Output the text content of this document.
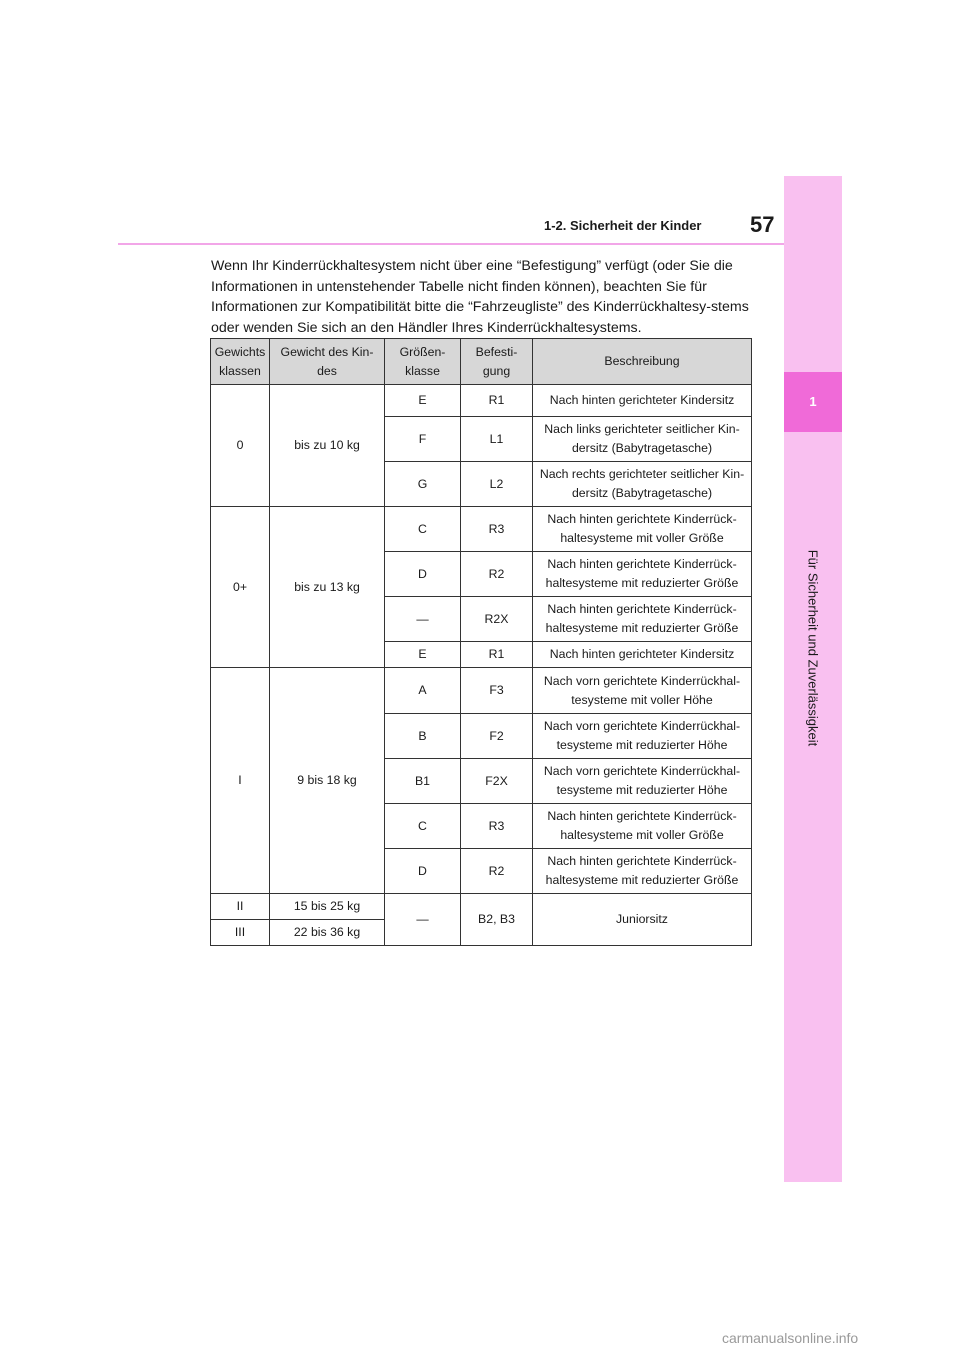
1
Für Sicherheit und Zuverlässigkeit
1-2. Sicherheit der Kinder 57

Wenn Ihr Kinderrückhaltesystem nicht über eine “Befestigung” verfügt (oder Sie die Informationen in untenstehender Tabelle nicht finden können), beachten Sie für Informationen zur Kompatibilität bitte die “Fahrzeugliste” des Kinderrückhaltesy-stems oder wenden Sie sich an den Händler Ihres Kinderrückhaltesystems.

Gewichts klassen	Gewicht des Kin-des	Größen-klasse	Befesti-gung	Beschreibung
0	bis zu 10 kg	E	R1	Nach hinten gerichteter Kindersitz
		F	L1	Nach links gerichteter seitlicher Kin-dersitz (Babytragetasche)
		G	L2	Nach rechts gerichteter seitlicher Kin-dersitz (Babytragetasche)
0+	bis zu 13 kg	C	R3	Nach hinten gerichtete Kinderrück-haltesysteme mit voller Größe
		D	R2	Nach hinten gerichtete Kinderrück-haltesysteme mit reduzierter Größe
		—	R2X	Nach hinten gerichtete Kinderrück-haltesysteme mit reduzierter Größe
		E	R1	Nach hinten gerichteter Kindersitz
I	9 bis 18 kg	A	F3	Nach vorn gerichtete Kinderrückhal-tesysteme mit voller Höhe
		B	F2	Nach vorn gerichtete Kinderrückhal-tesysteme mit reduzierter Höhe
		B1	F2X	Nach vorn gerichtete Kinderrückhal-tesysteme mit reduzierter Höhe
		C	R3	Nach hinten gerichtete Kinderrück-haltesysteme mit voller Größe
		D	R2	Nach hinten gerichtete Kinderrück-haltesysteme mit reduzierter Größe
II	15 bis 25 kg	—	B2, B3	Juniorsitz
III	22 bis 36 kg			
carmanualsonline.info
